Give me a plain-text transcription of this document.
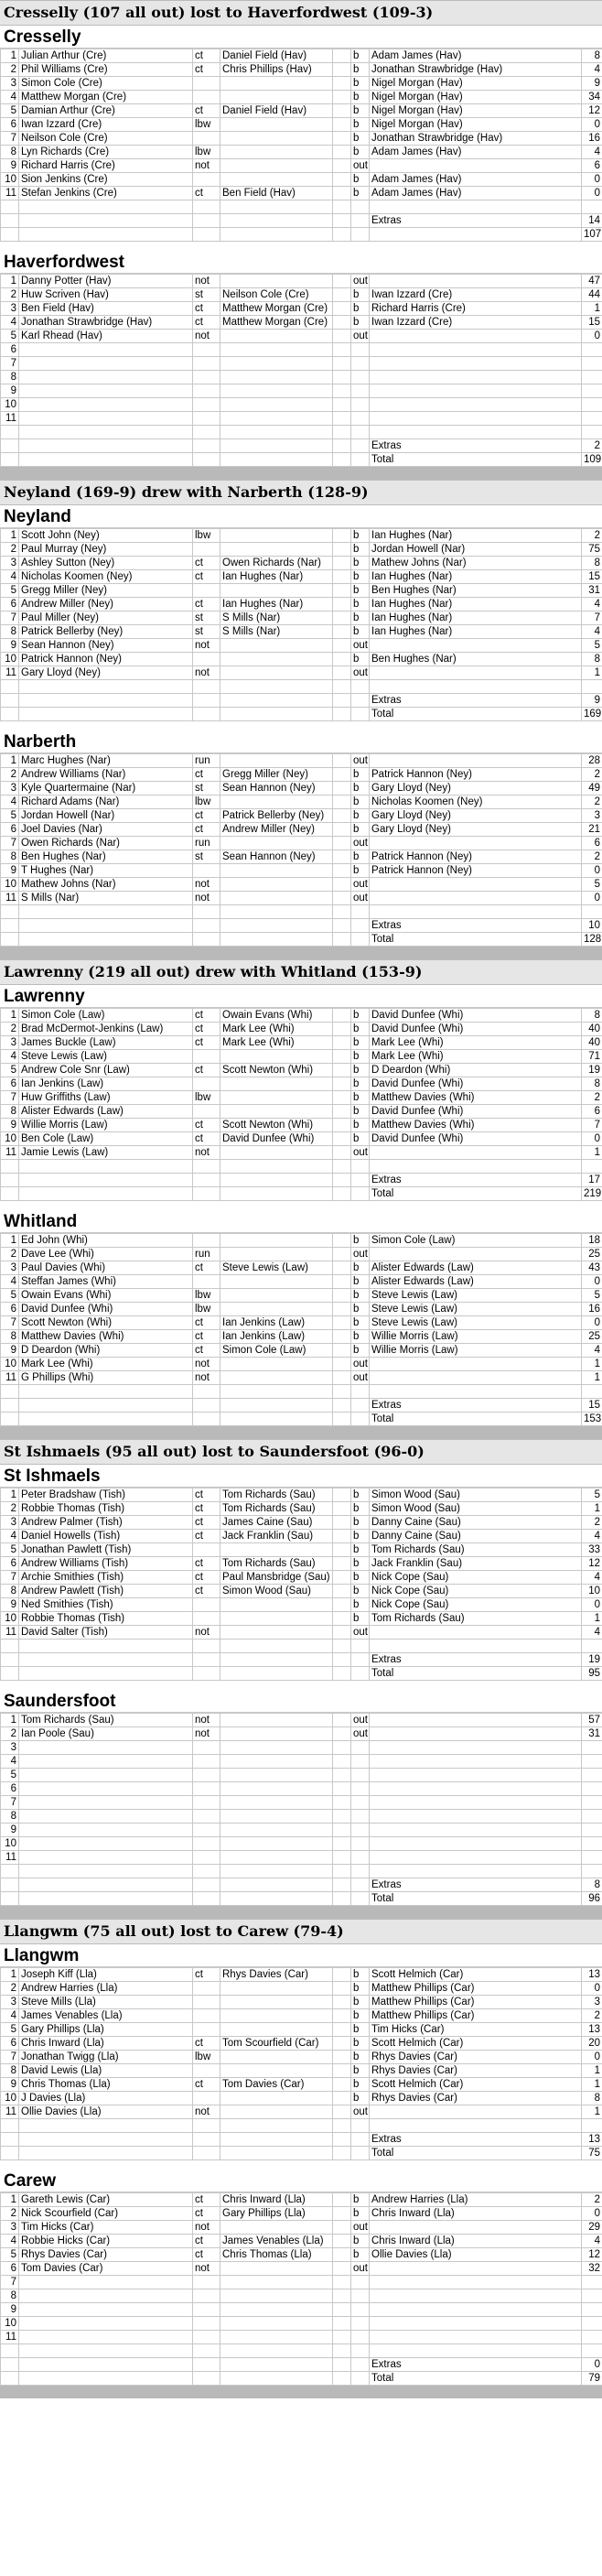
Cresselly (107 all out) lost to Haverfordwest (109-3)
Cresselly
1	Julian Arthur (Cre)	ct	Daniel Field (Hav)		b	Adam James (Hav)	8
2	Phil Williams (Cre)	ct	Chris Phillips (Hav)		b	Jonathan Strawbridge (Hav)	4
3	Simon Cole (Cre)				b	Nigel Morgan (Hav)	9
4	Matthew Morgan (Cre)				b	Nigel Morgan (Hav)	34
5	Damian Arthur (Cre)	ct	Daniel Field (Hav)		b	Nigel Morgan (Hav)	12
6	Iwan Izzard (Cre)	lbw			b	Nigel Morgan (Hav)	0
7	Neilson Cole (Cre)				b	Jonathan Strawbridge (Hav)	16
8	Lyn Richards (Cre)	lbw			b	Adam James (Hav)	4
9	Richard Harris (Cre)	not			out		6
10	Sion Jenkins (Cre)				b	Adam James (Hav)	0
11	Stefan Jenkins (Cre)	ct	Ben Field (Hav)		b	Adam James (Hav)	0

						Extras	14
							107
Haverfordwest
1	Danny Potter (Hav)	not			out		47
2	Huw Scriven (Hav)	st	Neilson Cole (Cre)		b	Iwan Izzard (Cre)	44
3	Ben Field (Hav)	ct	Matthew Morgan (Cre)		b	Richard Harris (Cre)	1
4	Jonathan Strawbridge (Hav)	ct	Matthew Morgan (Cre)		b	Iwan Izzard (Cre)	15
5	Karl Rhead (Hav)	not			out		0
6							
7							
8							
9							
10							
11							

						Extras	2
						Total	109
Neyland (169-9) drew with Narberth (128-9)
Neyland
1	Scott John (Ney)	lbw			b	Ian Hughes (Nar)	2
2	Paul Murray (Ney)				b	Jordan Howell (Nar)	75
3	Ashley Sutton (Ney)	ct	Owen Richards (Nar)		b	Mathew Johns (Nar)	8
4	Nicholas Koomen (Ney)	ct	Ian Hughes (Nar)		b	Ian Hughes (Nar)	15
5	Gregg Miller (Ney)				b	Ben Hughes (Nar)	31
6	Andrew Miller (Ney)	ct	Ian Hughes (Nar)		b	Ian Hughes (Nar)	4
7	Paul Miller (Ney)	st	S Mills (Nar)		b	Ian Hughes (Nar)	7
8	Patrick Bellerby (Ney)	st	S Mills (Nar)		b	Ian Hughes (Nar)	4
9	Sean Hannon (Ney)	not			out		5
10	Patrick Hannon (Ney)				b	Ben Hughes (Nar)	8
11	Gary Lloyd (Ney)	not			out		1

						Extras	9
						Total	169
Narberth
1	Marc Hughes (Nar)	run			out		28
2	Andrew Williams (Nar)	ct	Gregg Miller (Ney)		b	Patrick Hannon (Ney)	2
3	Kyle Quartermaine (Nar)	st	Sean Hannon (Ney)		b	Gary Lloyd (Ney)	49
4	Richard Adams (Nar)	lbw			b	Nicholas Koomen (Ney)	2
5	Jordan Howell (Nar)	ct	Patrick Bellerby (Ney)		b	Gary Lloyd (Ney)	3
6	Joel Davies (Nar)	ct	Andrew Miller (Ney)		b	Gary Lloyd (Ney)	21
7	Owen Richards (Nar)	run			out		6
8	Ben Hughes (Nar)	st	Sean Hannon (Ney)		b	Patrick Hannon (Ney)	2
9	T Hughes (Nar)				b	Patrick Hannon (Ney)	0
10	Mathew Johns (Nar)	not			out		5
11	S Mills (Nar)	not			out		0

						Extras	10
						Total	128
Lawrenny (219 all out) drew with Whitland (153-9)
Lawrenny
1	Simon Cole (Law)	ct	Owain Evans (Whi)		b	David Dunfee (Whi)	8
2	Brad McDermot-Jenkins (Law)	ct	Mark Lee (Whi)		b	David Dunfee (Whi)	40
3	James Buckle (Law)	ct	Mark Lee (Whi)		b	Mark Lee (Whi)	40
4	Steve Lewis (Law)				b	Mark Lee (Whi)	71
5	Andrew Cole Snr (Law)	ct	Scott Newton (Whi)		b	D Deardon (Whi)	19
6	Ian Jenkins (Law)				b	David Dunfee (Whi)	8
7	Huw Griffiths (Law)	lbw			b	Matthew Davies (Whi)	2
8	Alister Edwards (Law)				b	David Dunfee (Whi)	6
9	Willie Morris (Law)	ct	Scott Newton (Whi)		b	Matthew Davies (Whi)	7
10	Ben Cole (Law)	ct	David Dunfee (Whi)		b	David Dunfee (Whi)	0
11	Jamie Lewis (Law)	not			out		1

						Extras	17
						Total	219
Whitland
1	Ed John (Whi)				b	Simon Cole (Law)	18
2	Dave Lee (Whi)	run			out		25
3	Paul Davies (Whi)	ct	Steve Lewis (Law)		b	Alister Edwards (Law)	43
4	Steffan James (Whi)				b	Alister Edwards (Law)	0
5	Owain Evans (Whi)	lbw			b	Steve Lewis (Law)	5
6	David Dunfee (Whi)	lbw			b	Steve Lewis (Law)	16
7	Scott Newton (Whi)	ct	Ian Jenkins (Law)		b	Steve Lewis (Law)	0
8	Matthew Davies (Whi)	ct	Ian Jenkins (Law)		b	Willie Morris (Law)	25
9	D Deardon (Whi)	ct	Simon Cole (Law)		b	Willie Morris (Law)	4
10	Mark Lee (Whi)	not			out		1
11	G Phillips (Whi)	not			out		1

						Extras	15
						Total	153
St Ishmaels (95 all out) lost to Saundersfoot (96-0)
St Ishmaels
1	Peter Bradshaw (Tish)	ct	Tom Richards (Sau)		b	Simon Wood (Sau)	5
2	Robbie Thomas (Tish)	ct	Tom Richards (Sau)		b	Simon Wood (Sau)	1
3	Andrew Palmer (Tish)	ct	James Caine (Sau)		b	Danny Caine (Sau)	2
4	Daniel Howells (Tish)	ct	Jack Franklin (Sau)		b	Danny Caine (Sau)	4
5	Jonathan Pawlett (Tish)				b	Tom Richards (Sau)	33
6	Andrew Williams (Tish)	ct	Tom Richards (Sau)		b	Jack Franklin (Sau)	12
7	Archie Smithies (Tish)	ct	Paul Mansbridge (Sau)		b	Nick Cope (Sau)	4
8	Andrew Pawlett (Tish)	ct	Simon Wood (Sau)		b	Nick Cope (Sau)	10
9	Ned Smithies (Tish)				b	Nick Cope (Sau)	0
10	Robbie Thomas (Tish)				b	Tom Richards (Sau)	1
11	David Salter (Tish)	not			out		4

						Extras	19
						Total	95
Saundersfoot
1	Tom Richards (Sau)	not			out		57
2	Ian Poole (Sau)	not			out		31
3							
4							
5							
6							
7							
8							
9							
10							
11							

						Extras	8
						Total	96
Llangwm (75 all out) lost to Carew (79-4)
Llangwm
1	Joseph Kiff (Lla)	ct	Rhys Davies (Car)		b	Scott Helmich (Car)	13
2	Andrew Harries (Lla)				b	Matthew Phillips (Car)	0
3	Steve Mills (Lla)				b	Matthew Phillips (Car)	3
4	James Venables (Lla)				b	Matthew Phillips (Car)	2
5	Gary Phillips (Lla)				b	Tim Hicks (Car)	13
6	Chris Inward (Lla)	ct	Tom Scourfield (Car)		b	Scott Helmich (Car)	20
7	Jonathan Twigg (Lla)	lbw			b	Rhys Davies (Car)	0
8	David Lewis (Lla)				b	Rhys Davies (Car)	1
9	Chris Thomas (Lla)	ct	Tom Davies (Car)		b	Scott Helmich (Car)	1
10	J Davies (Lla)				b	Rhys Davies (Car)	8
11	Ollie Davies (Lla)	not			out		1

						Extras	13
						Total	75
Carew
1	Gareth Lewis (Car)	ct	Chris Inward (Lla)		b	Andrew Harries (Lla)	2
2	Nick Scourfield (Car)	ct	Gary Phillips (Lla)		b	Chris Inward (Lla)	0
3	Tim Hicks (Car)	not			out		29
4	Robbie Hicks (Car)	ct	James Venables (Lla)		b	Chris Inward (Lla)	4
5	Rhys Davies (Car)	ct	Chris Thomas (Lla)		b	Ollie Davies (Lla)	12
6	Tom Davies (Car)	not			out		32
7							
8							
9							
10							
11							

						Extras	0
						Total	79
